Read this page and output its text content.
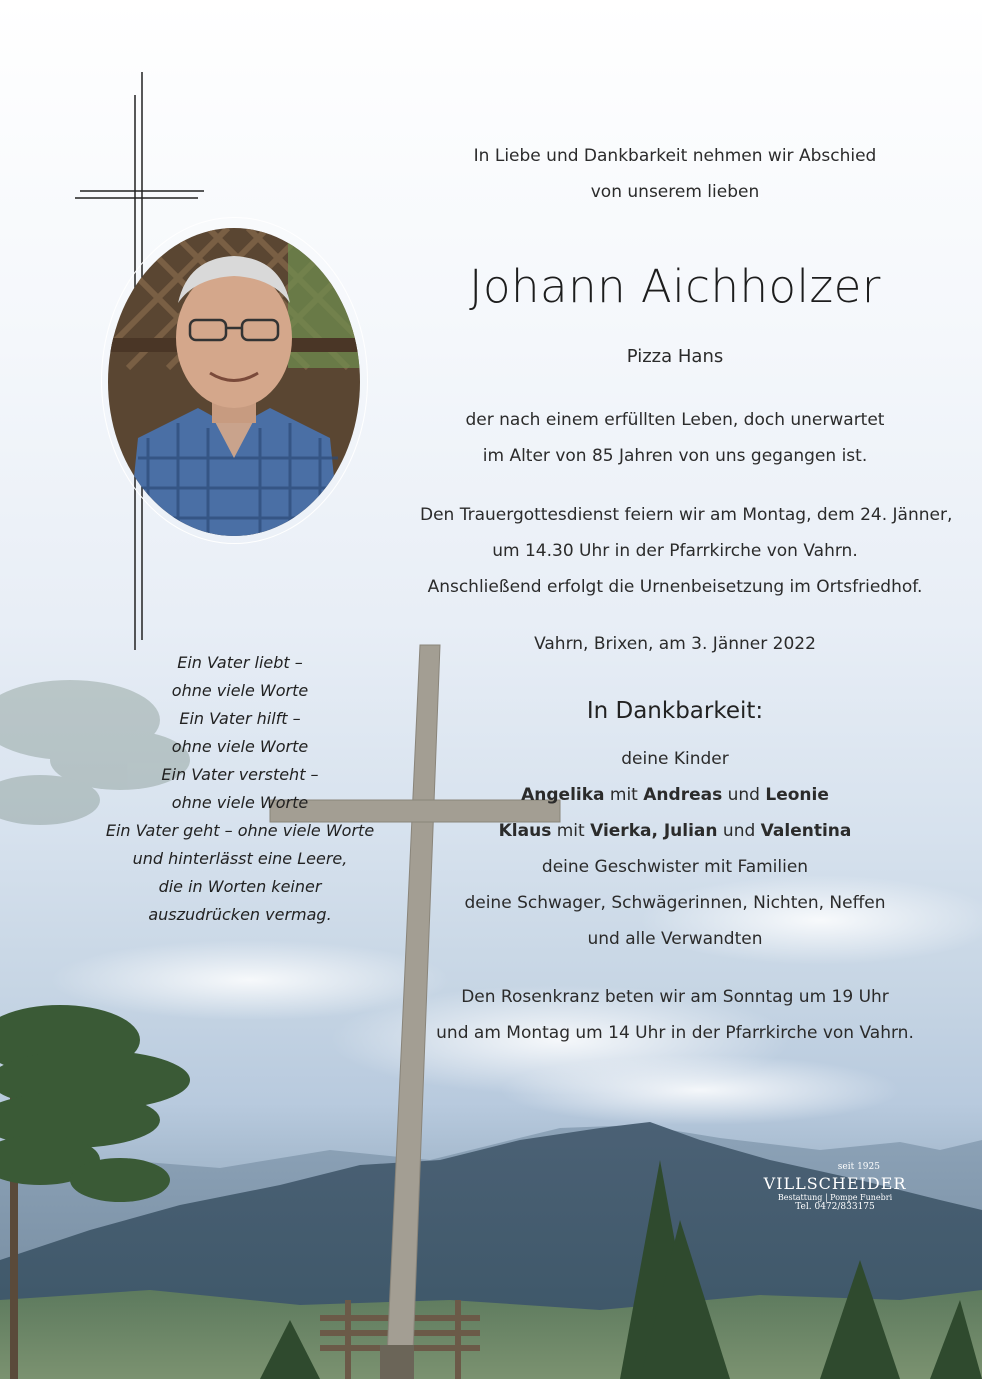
In Liebe und Dankbarkeit nehmen wir Abschied
von unserem lieben
Johann Aichholzer
Pizza Hans
der nach einem erfüllten Leben, doch unerwartet
im Alter von 85 Jahren von uns gegangen ist.
Den Trauergottesdienst feiern wir am Montag, dem 24. Jänner,
um 14.30 Uhr in der Pfarrkirche von Vahrn.
Anschließend erfolgt die Urnenbeisetzung im Ortsfriedhof.
Vahrn, Brixen, am 3. Jänner 2022
In Dankbarkeit:
deine Kinder
Angelika mit Andreas und Leonie
Klaus mit Vierka, Julian und Valentina
deine Geschwister mit Familien
deine Schwager, Schwägerinnen, Nichten, Neffen
und alle Verwandten
Den Rosenkranz beten wir am Sonntag um 19 Uhr
und am Montag um 14 Uhr in der Pfarrkirche von Vahrn.
Ein Vater liebt –
ohne viele Worte
Ein Vater hilft –
ohne viele Worte
Ein Vater versteht –
ohne viele Worte
Ein Vater geht – ohne viele Worte
und hinterlässt eine Leere,
die in Worten keiner
auszudrücken vermag.
seit 1925
VILLSCHEIDER
Bestattung | Pompe Funebri
Tel. 0472/833175
